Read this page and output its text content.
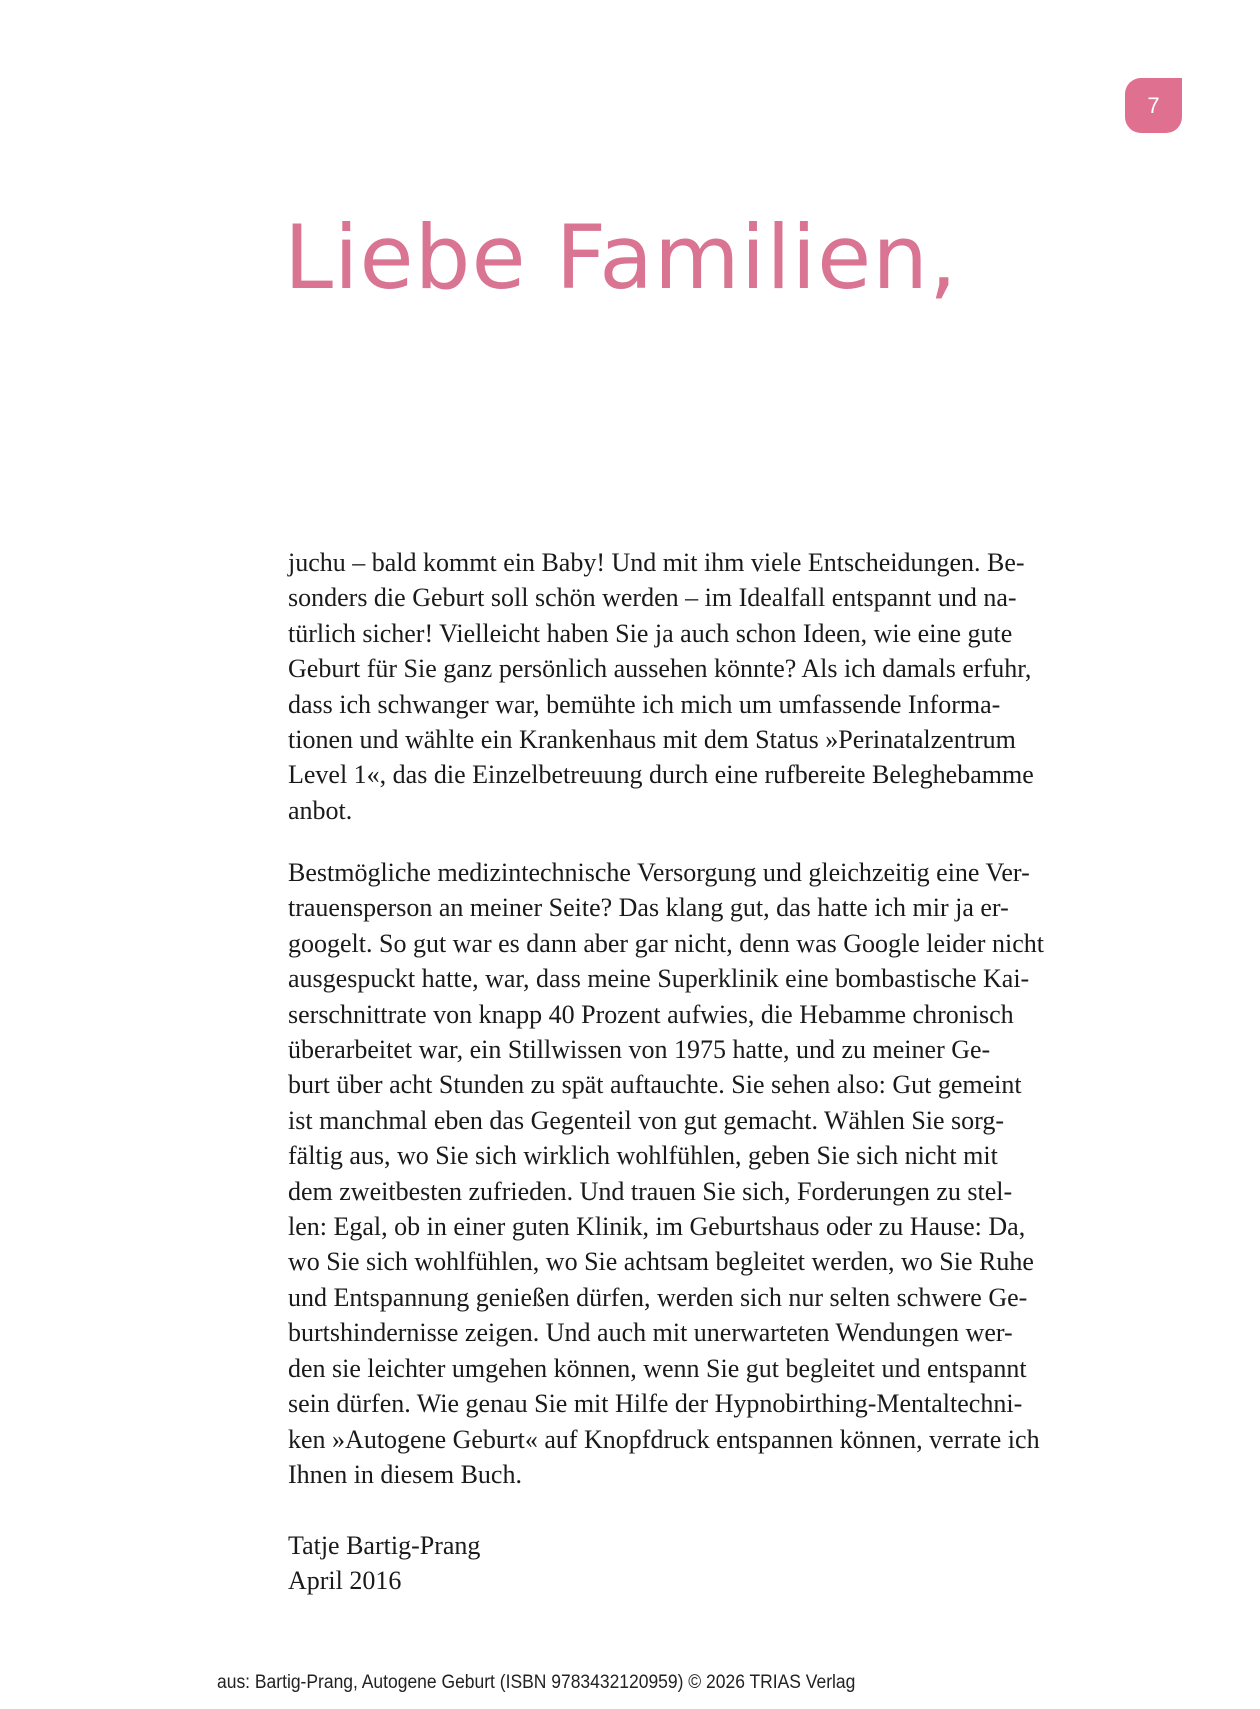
7
Liebe Familien,
juchu – bald kommt ein Baby! Und mit ihm viele Entscheidungen. Be-
sonders die Geburt soll schön werden – im Idealfall entspannt und na-
türlich sicher! Vielleicht haben Sie ja auch schon Ideen, wie eine gute
Geburt für Sie ganz persönlich aussehen könnte? Als ich damals erfuhr,
dass ich schwanger war, bemühte ich mich um umfassende Informa-
tionen und wählte ein Krankenhaus mit dem Status »Perinatalzentrum
Level 1«, das die Einzelbetreuung durch eine rufbereite Beleghebamme
anbot.
Bestmögliche medizintechnische Versorgung und gleichzeitig eine Ver-
trauensperson an meiner Seite? Das klang gut, das hatte ich mir ja er-
googelt. So gut war es dann aber gar nicht, denn was Google leider nicht
ausgespuckt hatte, war, dass meine Superklinik eine bombastische Kai-
serschnittrate von knapp 40 Prozent aufwies, die Hebamme chronisch
überarbeitet war, ein Stillwissen von 1975 hatte, und zu meiner Ge-
burt über acht Stunden zu spät auftauchte. Sie sehen also: Gut gemeint
ist manchmal eben das Gegenteil von gut gemacht. Wählen Sie sorg-
fältig aus, wo Sie sich wirklich wohlfühlen, geben Sie sich nicht mit
dem zweitbesten zufrieden. Und trauen Sie sich, Forderungen zu stel-
len: Egal, ob in einer guten Klinik, im Geburtshaus oder zu Hause: Da,
wo Sie sich wohlfühlen, wo Sie achtsam begleitet werden, wo Sie Ruhe
und Entspannung genießen dürfen, werden sich nur selten schwere Ge-
burtshindernisse zeigen. Und auch mit unerwarteten Wendungen wer-
den sie leichter umgehen können, wenn Sie gut begleitet und entspannt
sein dürfen. Wie genau Sie mit Hilfe der Hypnobirthing-Mentaltechni-
ken »Autogene Geburt« auf Knopfdruck entspannen können, verrate ich
Ihnen in diesem Buch.
Tatje Bartig-Prang
April 2016
aus: Bartig-Prang, Autogene Geburt (ISBN 9783432120959) © 2026 TRIAS Verlag
